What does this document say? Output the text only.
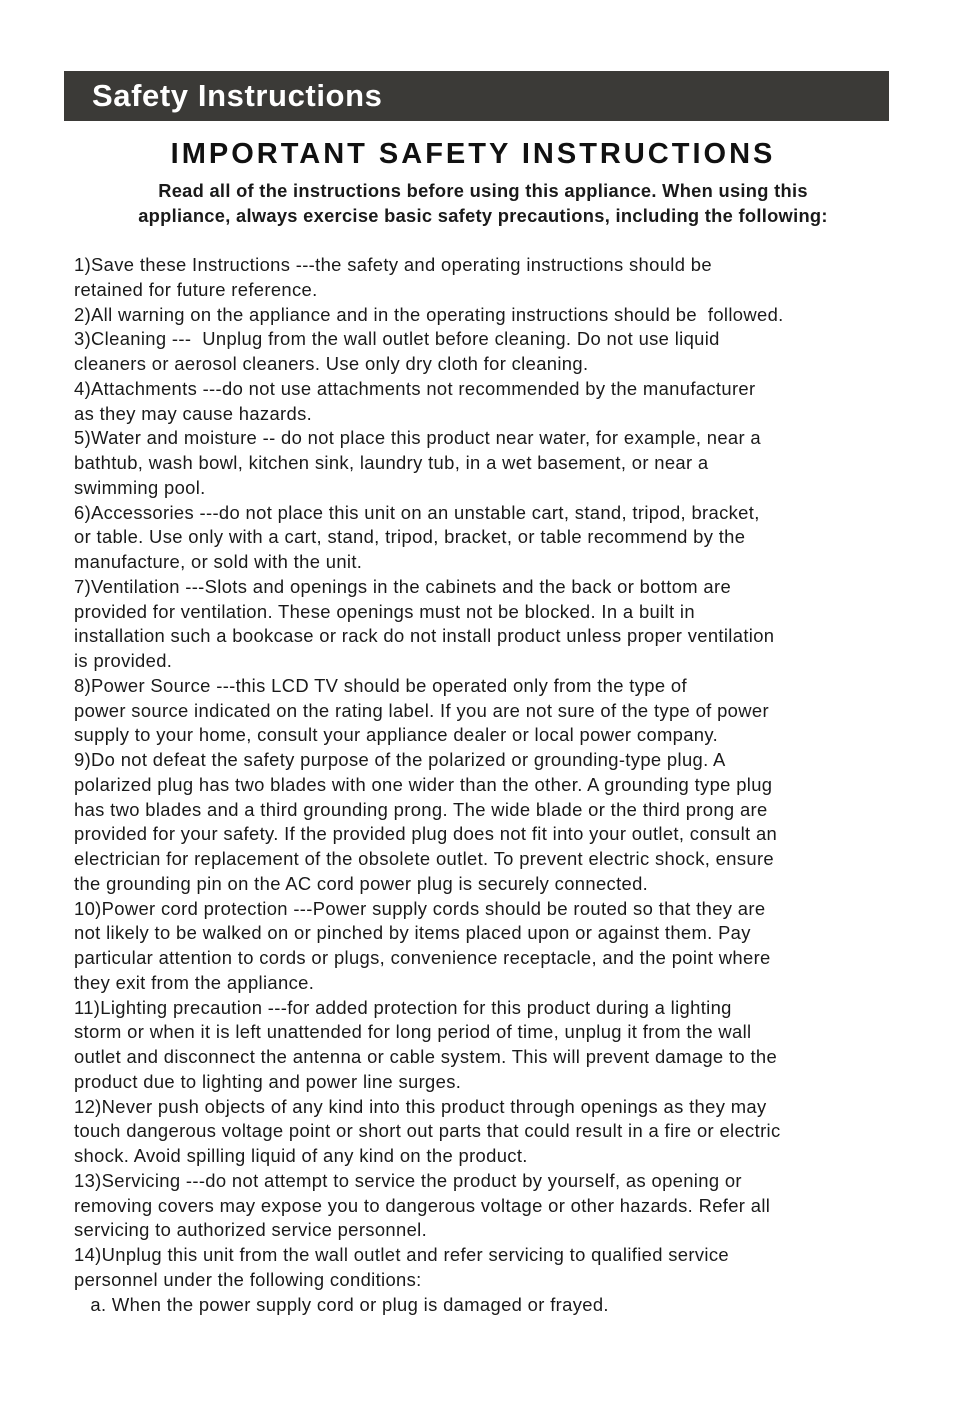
Safety Instructions
IMPORTANT SAFETY INSTRUCTIONS
Read all of the instructions before using this appliance. When using this
appliance, always exercise basic safety precautions, including the following:
1)Save these Instructions ---the safety and operating instructions should be
retained for future reference.
2)All warning on the appliance and in the operating instructions should be  followed.
3)Cleaning ---  Unplug from the wall outlet before cleaning. Do not use liquid
cleaners or aerosol cleaners. Use only dry cloth for cleaning.
4)Attachments ---do not use attachments not recommended by the manufacturer
as they may cause hazards.
5)Water and moisture -- do not place this product near water, for example, near a
bathtub, wash bowl, kitchen sink, laundry tub, in a wet basement, or near a
swimming pool.
6)Accessories ---do not place this unit on an unstable cart, stand, tripod, bracket,
or table. Use only with a cart, stand, tripod, bracket, or table recommend by the
manufacture, or sold with the unit.
7)Ventilation ---Slots and openings in the cabinets and the back or bottom are
provided for ventilation. These openings must not be blocked. In a built in
installation such a bookcase or rack do not install product unless proper ventilation
is provided.
8)Power Source ---this LCD TV should be operated only from the type of
power source indicated on the rating label. If you are not sure of the type of power
supply to your home, consult your appliance dealer or local power company.
9)Do not defeat the safety purpose of the polarized or grounding-type plug. A
polarized plug has two blades with one wider than the other. A grounding type plug
has two blades and a third grounding prong. The wide blade or the third prong are
provided for your safety. If the provided plug does not fit into your outlet, consult an
electrician for replacement of the obsolete outlet. To prevent electric shock, ensure
the grounding pin on the AC cord power plug is securely connected.
10)Power cord protection ---Power supply cords should be routed so that they are
not likely to be walked on or pinched by items placed upon or against them. Pay
particular attention to cords or plugs, convenience receptacle, and the point where
they exit from the appliance.
11)Lighting precaution ---for added protection for this product during a lighting
storm or when it is left unattended for long period of time, unplug it from the wall
outlet and disconnect the antenna or cable system. This will prevent damage to the
product due to lighting and power line surges.
12)Never push objects of any kind into this product through openings as they may
touch dangerous voltage point or short out parts that could result in a fire or electric
shock. Avoid spilling liquid of any kind on the product.
13)Servicing ---do not attempt to service the product by yourself, as opening or
removing covers may expose you to dangerous voltage or other hazards. Refer all
servicing to authorized service personnel.
14)Unplug this unit from the wall outlet and refer servicing to qualified service
personnel under the following conditions:
a. When the power supply cord or plug is damaged or frayed.
